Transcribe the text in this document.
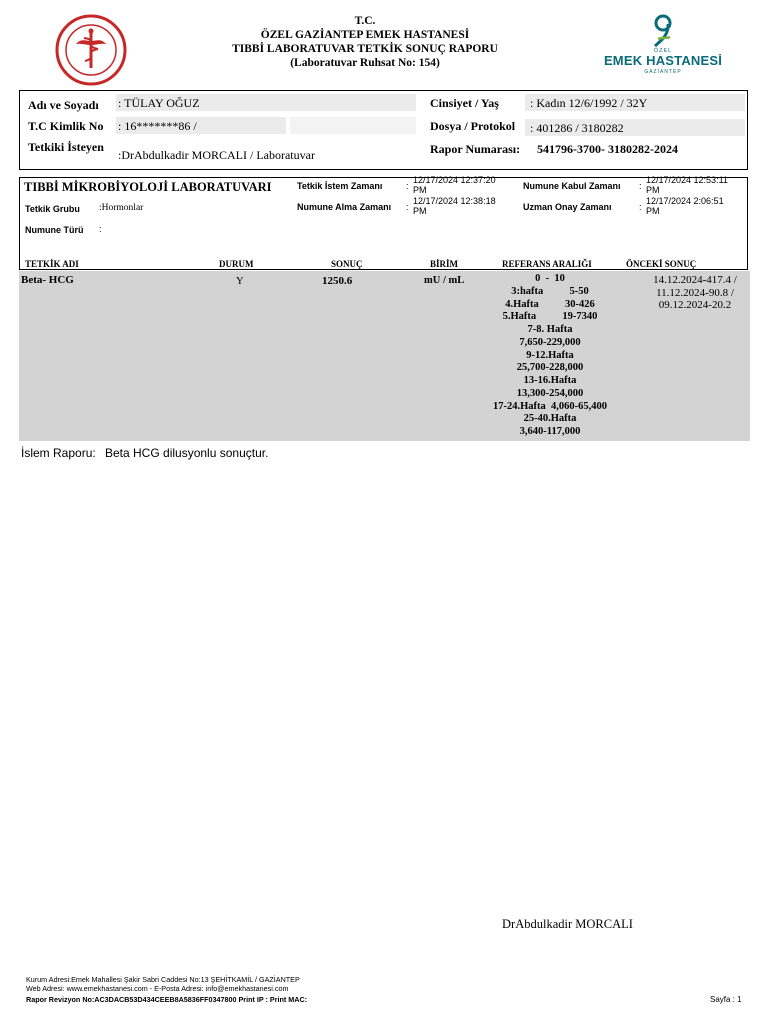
T.C.
ÖZEL GAZİANTEP EMEK HASTANESİ
TIBBİ LABORATUVAR TETKİK SONUÇ RAPORU
(Laboratuvar Ruhsat No: 154)
ÖZEL
EMEK HASTANESİ
GAZİANTEP
Adı ve Soyadı : TÜLAY OĞUZ
T.C Kimlik No : 16*******86 /
Tetkiki İsteyen
:DrAbdulkadir MORCALI / Laboratuvar
Cinsiyet / Yaş	: Kadın 12/6/1992 / 32Y
Dosya / Protokol : 401286 / 3180282
Rapor Numarası: 541796-3700- 3180282-2024
TIBBİ MİKROBİYOLOJİ LABORATUVARI
Tetkik Grubu :Hormonlar
Numune Türü :
Tetkik İstem Zamanı	:
12/17/2024 12:37:20
PM
Numune Alma Zamanı :
12/17/2024 12:38:18
PM
Numune Kabul Zamanı :
12/17/2024 12:53:11
PM
Uzman Onay Zamanı	:
12/17/2024 2:06:51
PM
TETKİK ADI	DURUM	SONUÇ	BİRİM	REFERANS ARALIĞI	ÖNCEKİ SONUÇ
Beta- HCG	Y	1250.6	mU / mL	0  -  10
3:hafta          5-50
4.Hafta          30-426
5.Hafta          19-7340
7-8. Hafta
7,650-229,000
9-12.Hafta
25,700-228,000
13-16.Hafta
13,300-254,000
17-24.Hafta  4,060-65,400
25-40.Hafta
3,640-117,000
14.12.2024-417.4 /
11.12.2024-90.8 /
09.12.2024-20.2
İslem Raporu: Beta HCG dilusyonlu sonuçtur.
DrAbdulkadir MORCALI
Kurum Adresi:Emek Mahallesi Şakir Sabri Caddesi No:13 ŞEHİTKAMİL / GAZİANTEP
Web Adresi: www.emekhastanesi.com - E-Posta Adresi: info@emekhastanesi.com
Rapor Revizyon No:AC3DACB53D434CEEB8A5836FF0347800 Print IP : Print MAC:	Sayfa : 1
